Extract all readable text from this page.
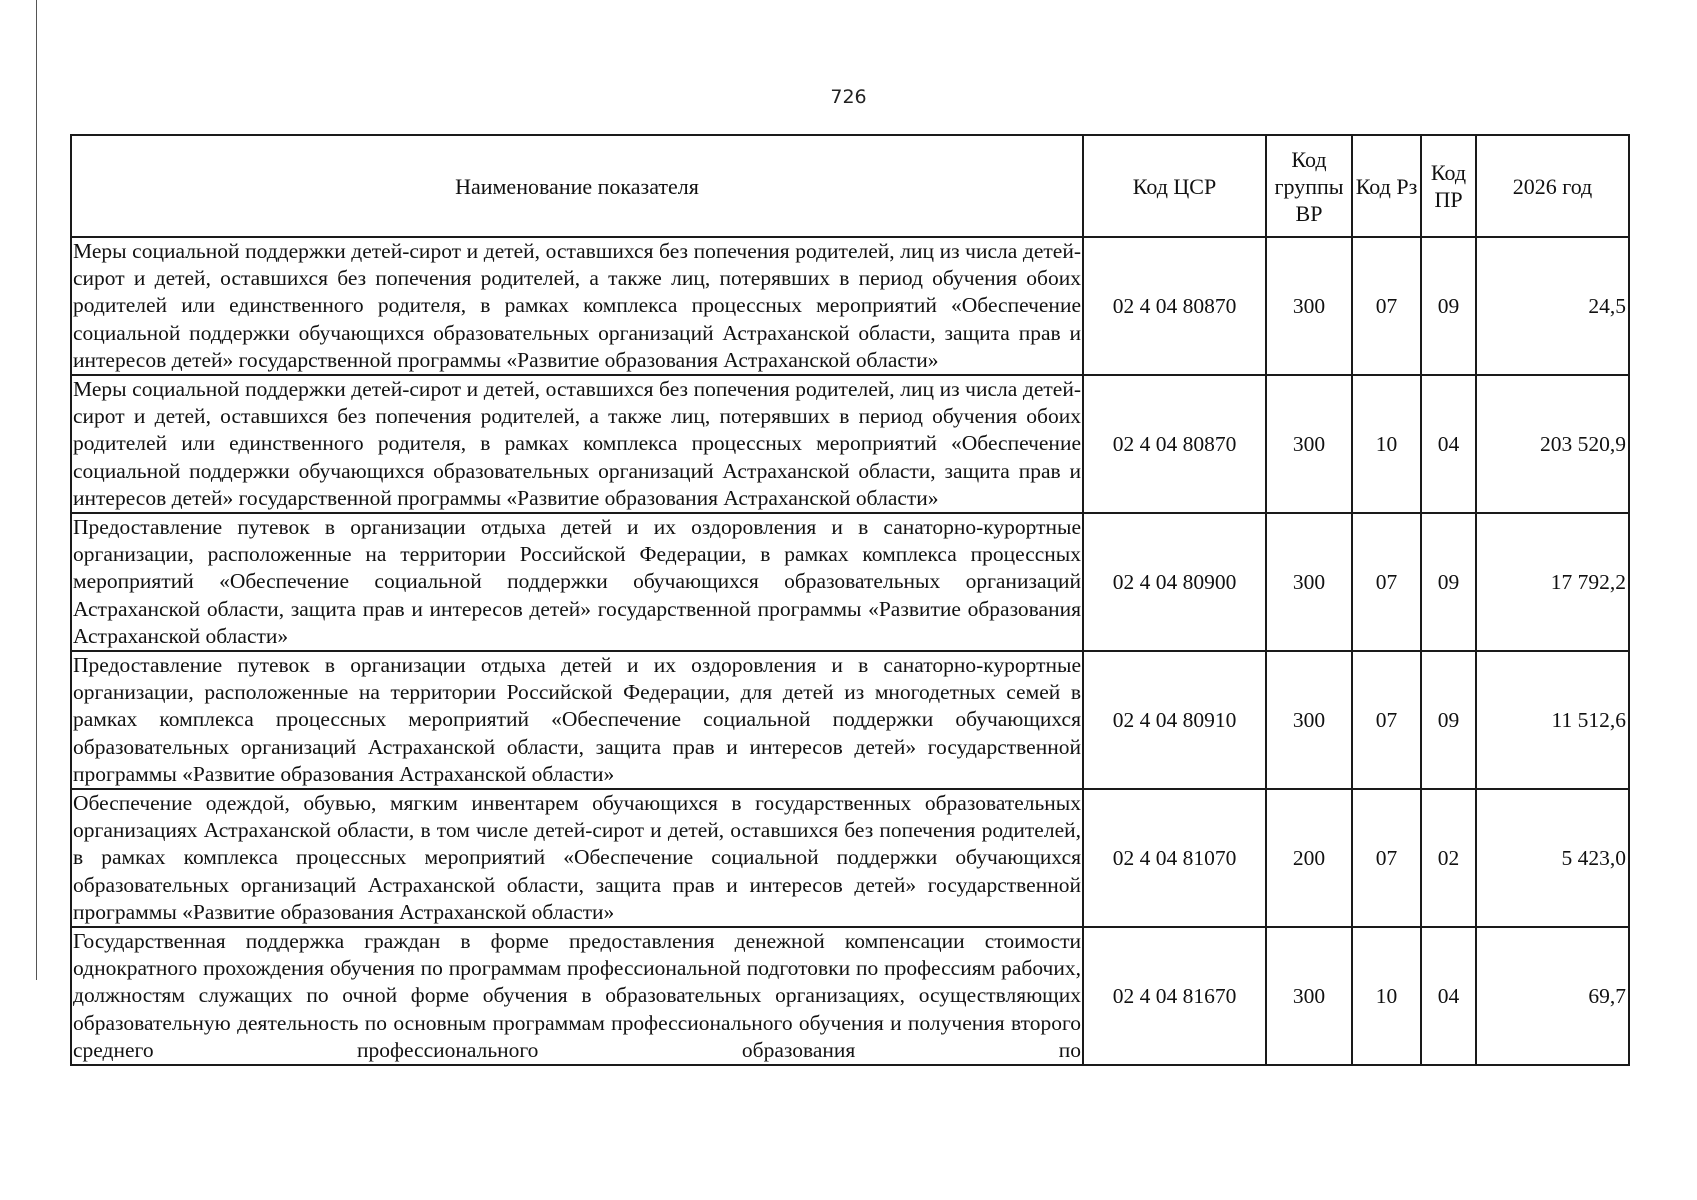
726
Наименование показателя	Код ЦСР	Код группы ВР	Код Рз	Код ПР	2026 год
Меры социальной поддержки детей-сирот и детей, оставшихся без попечения родителей, лиц из числа детей-сирот и детей, оставшихся без попечения родителей, а также лиц, потерявших в период обучения обоих родителей или единственного родителя, в рамках комплекса процессных мероприятий «Обеспечение социальной поддержки обучающихся образовательных организаций Астраханской области, защита прав и интересов детей» государственной программы «Развитие образования Астраханской области»	02 4 04 80870	300	07	09	24,5
Меры социальной поддержки детей-сирот и детей, оставшихся без попечения родителей, лиц из числа детей-сирот и детей, оставшихся без попечения родителей, а также лиц, потерявших в период обучения обоих родителей или единственного родителя, в рамках комплекса процессных мероприятий «Обеспечение социальной поддержки обучающихся образовательных организаций Астраханской области, защита прав и интересов детей» государственной программы «Развитие образования Астраханской области»	02 4 04 80870	300	10	04	203 520,9
Предоставление путевок в организации отдыха детей и их оздоровления и в санаторно-курортные организации, расположенные на территории Российской Федерации, в рамках комплекса процессных мероприятий «Обеспечение социальной поддержки обучающихся образовательных организаций Астраханской области, защита прав и интересов детей» государственной программы «Развитие образования Астраханской области»	02 4 04 80900	300	07	09	17 792,2
Предоставление путевок в организации отдыха детей и их оздоровления и в санаторно-курортные организации, расположенные на территории Российской Федерации, для детей из многодетных семей в рамках комплекса процессных мероприятий «Обеспечение социальной поддержки обучающихся образовательных организаций Астраханской области, защита прав и интересов детей» государственной программы «Развитие образования Астраханской области»	02 4 04 80910	300	07	09	11 512,6
Обеспечение одеждой, обувью, мягким инвентарем обучающихся в государственных образовательных организациях Астраханской области, в том числе детей-сирот и детей, оставшихся без попечения родителей, в рамках комплекса процессных мероприятий «Обеспечение социальной поддержки обучающихся образовательных организаций Астраханской области, защита прав и интересов детей» государственной программы «Развитие образования Астраханской области»	02 4 04 81070	200	07	02	5 423,0
Государственная поддержка граждан в форме предоставления денежной компенсации стоимости однократного прохождения обучения по программам профессиональной подготовки по профессиям рабочих, должностям служащих по очной форме обучения в образовательных организациях, осуществляющих образовательную деятельность по основным программам профессионального обучения и получения второго среднего профессионального образования по	02 4 04 81670	300	10	04	69,7
